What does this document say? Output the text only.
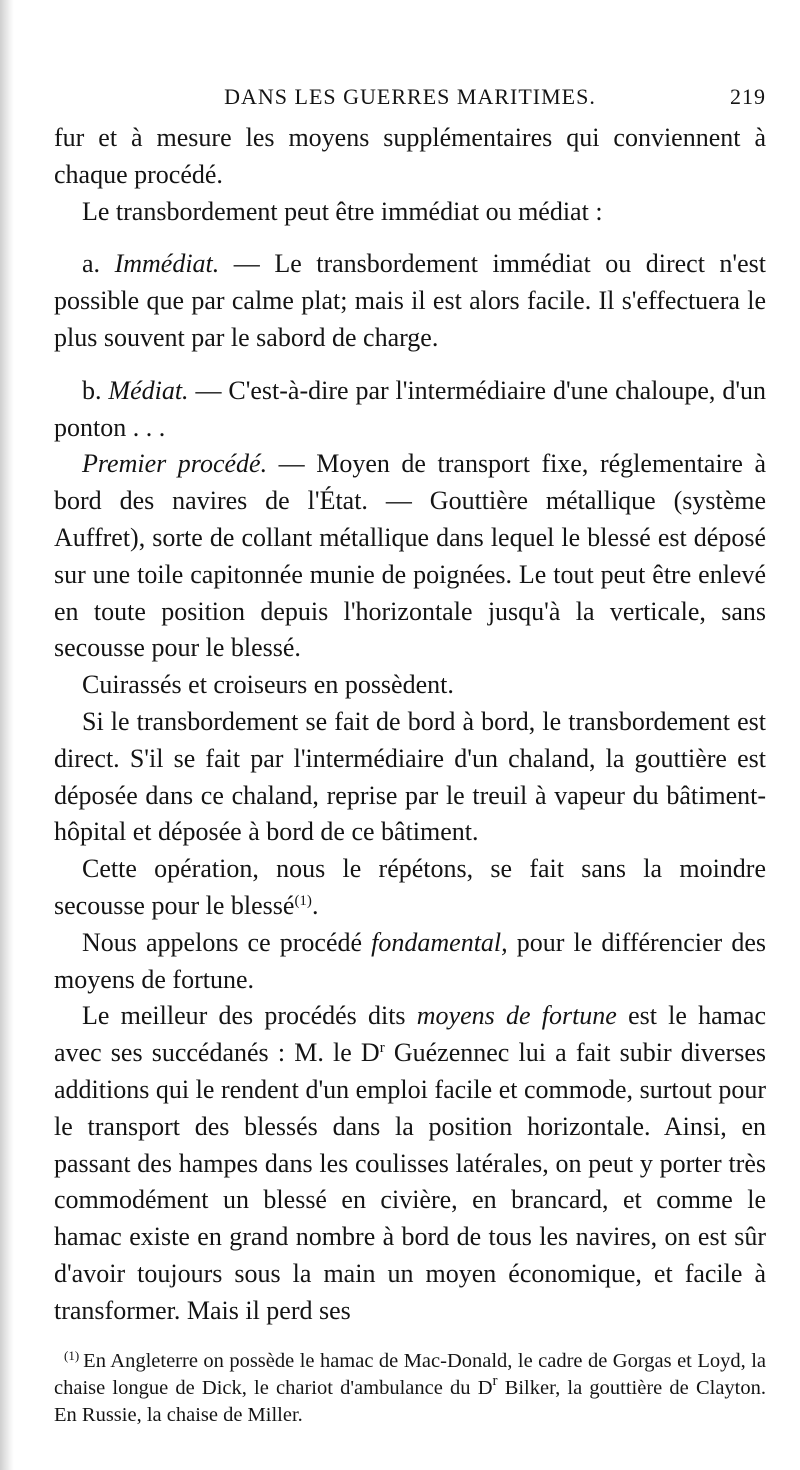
DANS LES GUERRES MARITIMES.	219

fur et à mesure les moyens supplémentaires qui conviennent à chaque procédé.

Le transbordement peut être immédiat ou médiat :

a. Immédiat. — Le transbordement immédiat ou direct n'est possible que par calme plat; mais il est alors facile. Il s'effectuera le plus souvent par le sabord de charge.

b. Médiat. — C'est-à-dire par l'intermédiaire d'une chaloupe, d'un ponton . . .

Premier procédé. — Moyen de transport fixe, réglementaire à bord des navires de l'État. — Gouttière métallique (système Auffret), sorte de collant métallique dans lequel le blessé est déposé sur une toile capitonnée munie de poignées. Le tout peut être enlevé en toute position depuis l'horizontale jusqu'à la verticale, sans secousse pour le blessé.

Cuirassés et croiseurs en possèdent.

Si le transbordement se fait de bord à bord, le transbordement est direct. S'il se fait par l'intermédiaire d'un chaland, la gouttière est déposée dans ce chaland, reprise par le treuil à vapeur du bâtiment-hôpital et déposée à bord de ce bâtiment.

Cette opération, nous le répétons, se fait sans la moindre secousse pour le blessé$^{(1)}$.

Nous appelons ce procédé fondamental, pour le différencier des moyens de fortune.

Le meilleur des procédés dits moyens de fortune est le hamac avec ses succédanés : M. le $D^r$ Guézennec lui a fait subir diverses additions qui le rendent d'un emploi facile et commode, surtout pour le transport des blessés dans la position horizontale. Ainsi, en passant des hampes dans les coulisses latérales, on peut y porter très commodément un blessé en civière, en brancard, et comme le hamac existe en grand nombre à bord de tous les navires, on est sûr d'avoir toujours sous la main un moyen économique, et facile à transformer. Mais il perd ses

$^{(1)}$ En Angleterre on possède le hamac de Mac-Donald, le cadre de Gorgas et Loyd, la chaise longue de Dick, le chariot d'ambulance du $D^r$ Bilker, la gouttière de Clayton. En Russie, la chaise de Miller.
